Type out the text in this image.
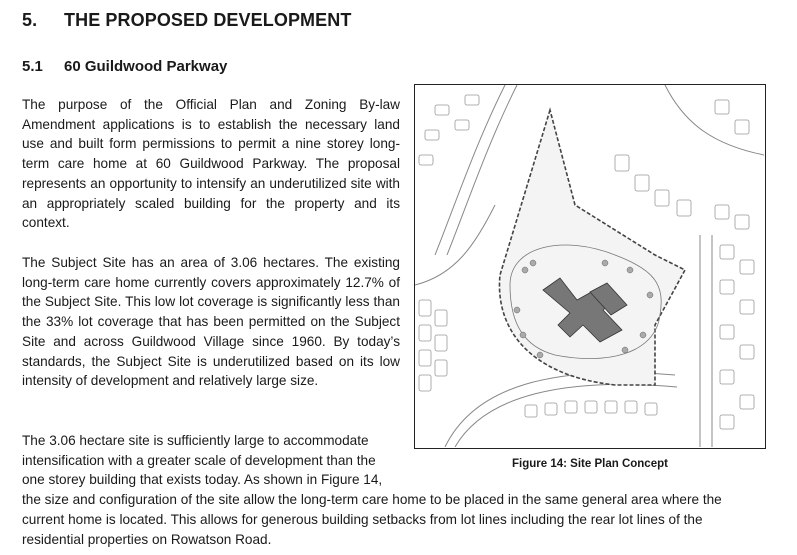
5. THE PROPOSED DEVELOPMENT
5.1 60 Guildwood Parkway

The purpose of the Official Plan and Zoning By-law Amendment applications is to establish the necessary land use and built form permissions to permit a nine storey long-term care home at 60 Guildwood Parkway. The proposal represents an opportunity to intensify an underutilized site with an appropriately scaled building for the property and its context.

The Subject Site has an area of 3.06 hectares. The existing long-term care home currently covers approximately 12.7% of the Subject Site. This low lot coverage is significantly less than the 33% lot coverage that has been permitted on the Subject Site and across Guildwood Village since 1960. By today’s standards, the Subject Site is underutilized based on its low intensity of development and relatively large size.

The 3.06 hectare site is sufficiently large to accommodate intensification with a greater scale of development than the one storey building that exists today. As shown in Figure 14, the size and configuration of the site allow the long-term care home to be placed in the same general area where the current home is located. This allows for generous building setbacks from lot lines including the rear lot lines of the residential properties on Rowatson Road.

Figure 14: Site Plan Concept
